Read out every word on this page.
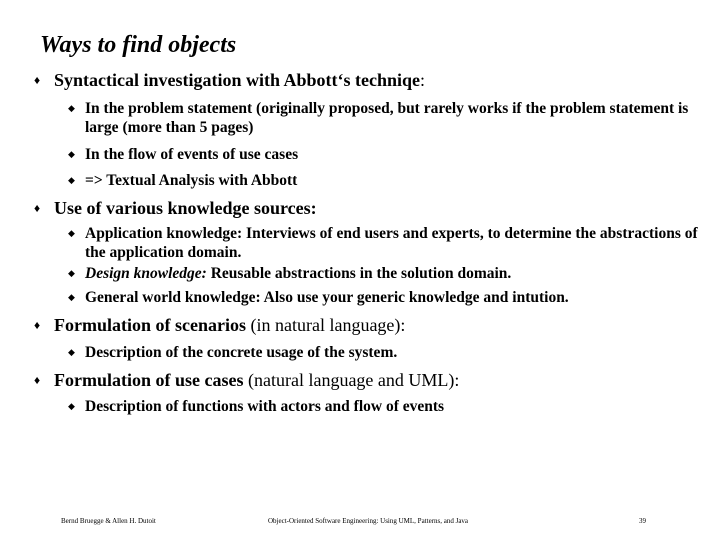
Ways to find objects
♦ Syntactical investigation with Abbott‘s techniqe:
◆ In the problem statement (originally proposed, but rarely works if the problem statement is large (more than 5 pages)
◆ In the flow of events of use cases
◆ => Textual Analysis with Abbott
♦ Use of various knowledge sources:
◆ Application knowledge: Interviews of end users and experts, to determine the abstractions of the application domain.
◆ Design knowledge: Reusable abstractions in the solution domain.
◆ General world knowledge: Also use your generic knowledge and intution.
♦ Formulation of scenarios (in natural language):
◆ Description of the concrete usage of the system.
♦ Formulation of use cases (natural language and UML):
◆ Description of functions with actors and flow of events
Bernd Bruegge & Allen H. Dutoit	Object-Oriented Software Engineering: Using UML, Patterns, and Java	39
